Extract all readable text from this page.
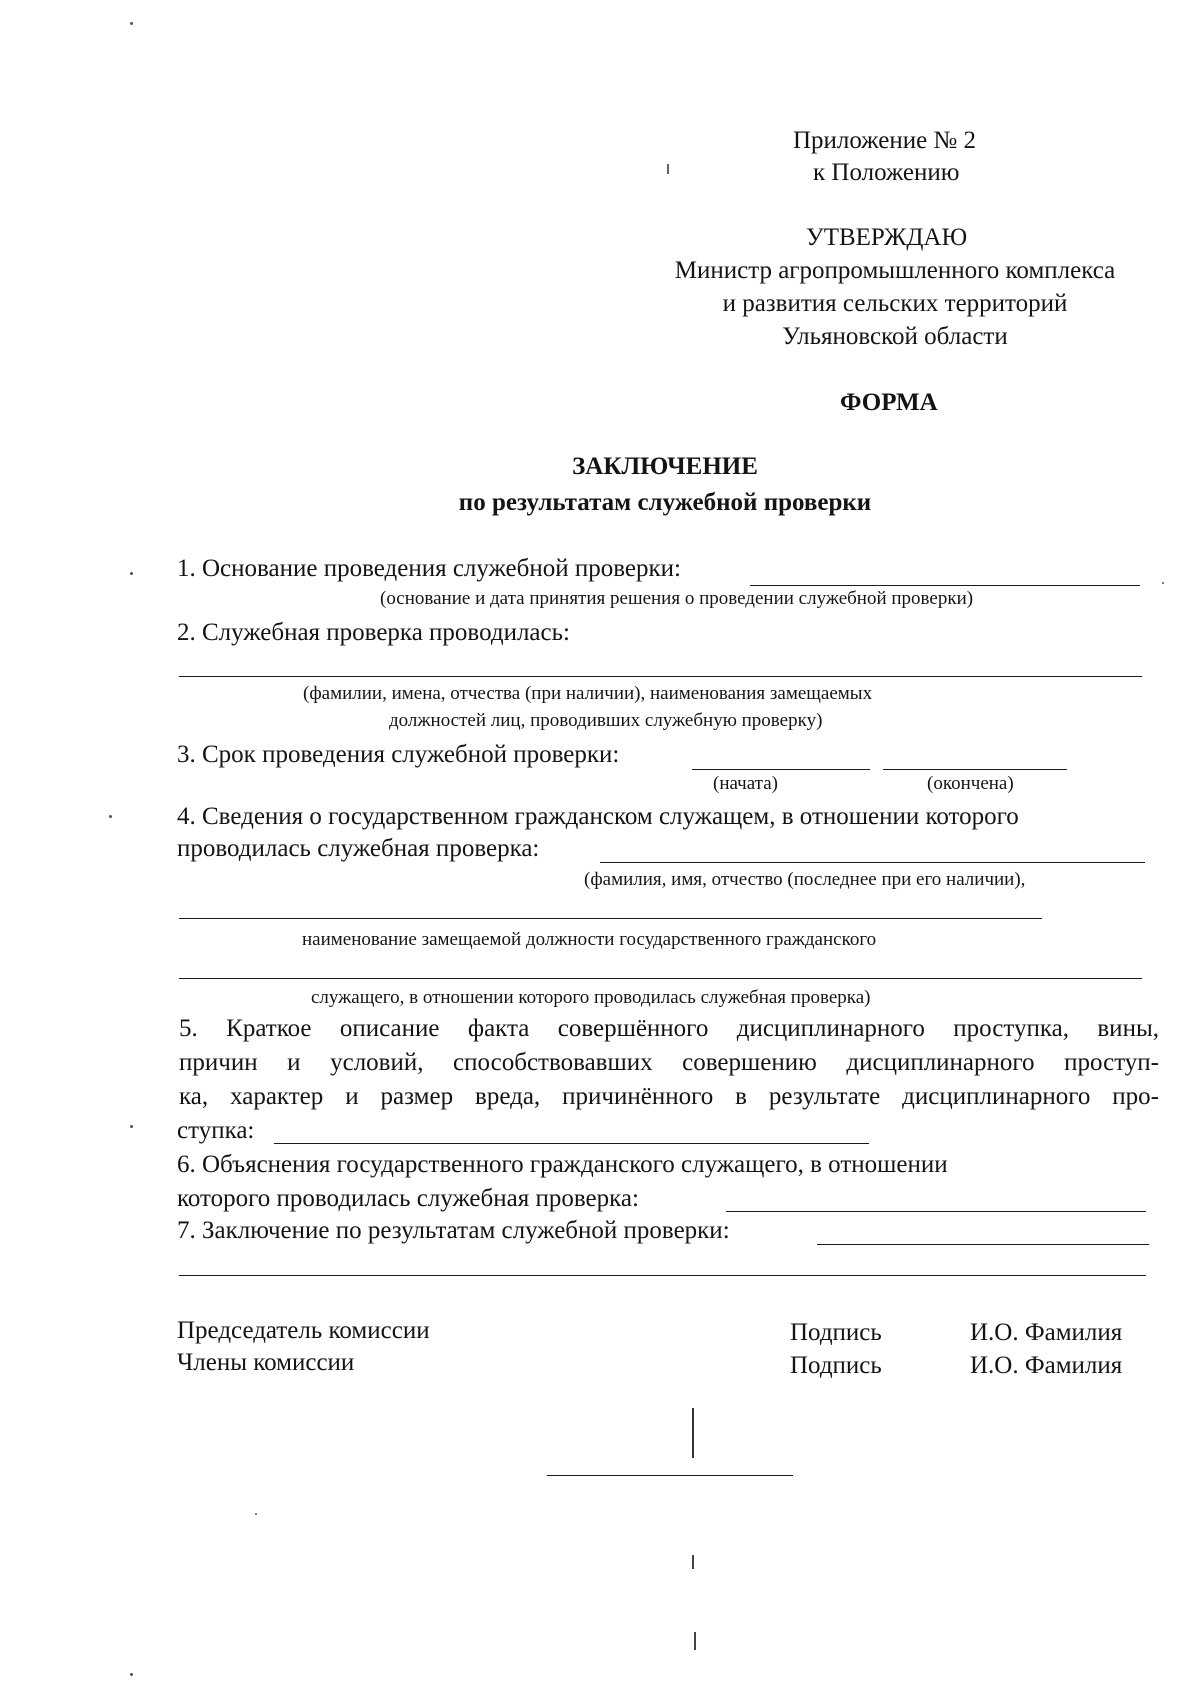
Приложение № 2
к Положению
УТВЕРЖДАЮ
Министр агропромышленного комплекса
и развития сельских территорий
Ульяновской области
ФОРМА
ЗАКЛЮЧЕНИЕ
по результатам служебной проверки
1. Основание проведения служебной проверки:
(основание и дата принятия решения о проведении служебной проверки)
2. Служебная проверка проводилась:
(фамилии, имена, отчества (при наличии), наименования замещаемых
должностей лиц, проводивших служебную проверку)
3. Срок проведения служебной проверки:
(начата)	(окончена)
4. Сведения о государственном гражданском служащем, в отношении которого
проводилась служебная проверка:
(фамилия, имя, отчество (последнее при его наличии),
наименование замещаемой должности государственного гражданского
служащего, в отношении которого проводилась служебная проверка)
5. Краткое описание факта совершённого дисциплинарного проступка, вины,
причин и условий, способствовавших совершению дисциплинарного проступ-
ка, характер и размер вреда, причинённого в результате дисциплинарного про-
ступка:
6. Объяснения государственного гражданского служащего, в отношении
которого проводилась служебная проверка:
7. Заключение по результатам служебной проверки:
Председатель комиссии
Члены комиссии
Подпись
Подпись
И.О. Фамилия
И.О. Фамилия
